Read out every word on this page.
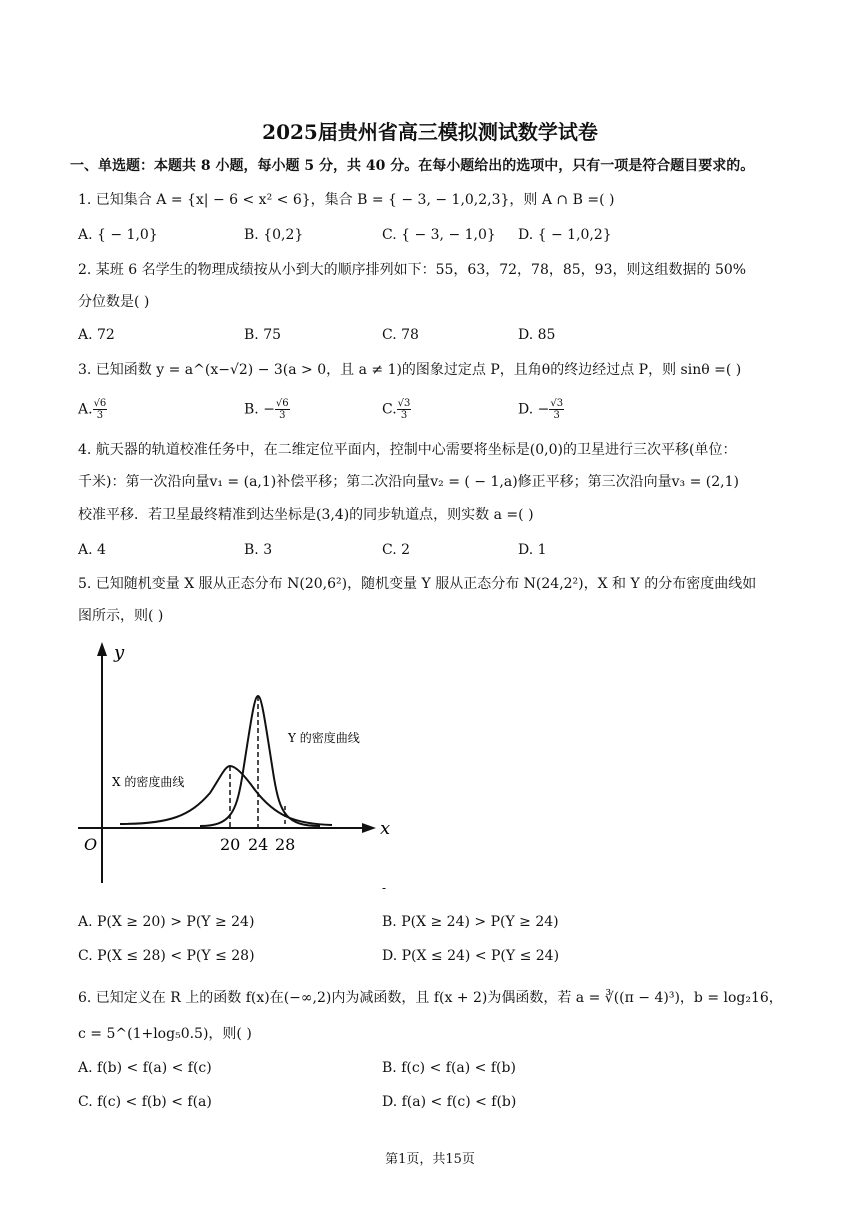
2025届贵州省高三模拟测试数学试卷
一、单选题：本题共 8 小题，每小题 5 分，共 40 分。在每小题给出的选项中，只有一项是符合题目要求的。
1. 已知集合 A = {x| − 6 < x² < 6}，集合 B = { − 3, − 1,0,2,3}，则 A ∩ B =( )
A. { − 1,0}	B. {0,2}	C. { − 3, − 1,0} D. { − 1,0,2}
2. 某班 6 名学生的物理成绩按从小到大的顺序排列如下：55，63，72，78，85，93，则这组数据的 50%
分位数是( )
A. 72	B. 75	C. 78	D. 85
3. 已知函数 y = a^(x−√2) − 3(a > 0，且 a ≠ 1)的图象过定点 P，且角θ的终边经过点 P，则 sinθ =( )
A. $\frac{√6}{3}$	B. − $\frac{√6}{3}$	C. $\frac{√3}{3}$	D. − $\frac{√3}{3}$
4. 航天器的轨道校准任务中，在二维定位平面内，控制中心需要将坐标是(0,0)的卫星进行三次平移(单位：
千米)：第一次沿向量v₁ = (a,1)补偿平移；第二次沿向量v₂ = ( − 1,a)修正平移；第三次沿向量v₃ = (2,1)
校准平移．若卫星最终精准到达坐标是(3,4)的同步轨道点，则实数 a =( )
A. 4	B. 3	C. 2	D. 1
5. 已知随机变量 X 服从正态分布 N(20,6²)，随机变量 Y 服从正态分布 N(24,2²)，X 和 Y 的分布密度曲线如
图所示，则( )
y
x
O	20 24 28
Y 的密度曲线
X 的密度曲线
-
A. P(X ≥ 20) > P(Y ≥ 24)	B. P(X ≥ 24) > P(Y ≥ 24)
C. P(X ≤ 28) < P(Y ≤ 28)	D. P(X ≤ 24) < P(Y ≤ 24)
6. 已知定义在 R 上的函数 f(x)在(−∞,2)内为减函数，且 f(x + 2)为偶函数，若 a = ∛((π − 4)³)，b = log₂16，
c = 5^(1+log₅0.5)，则( )
A. f(b) < f(a) < f(c)	B. f(c) < f(a) < f(b)
C. f(c) < f(b) < f(a)	D. f(a) < f(c) < f(b)
第1页，共15页
